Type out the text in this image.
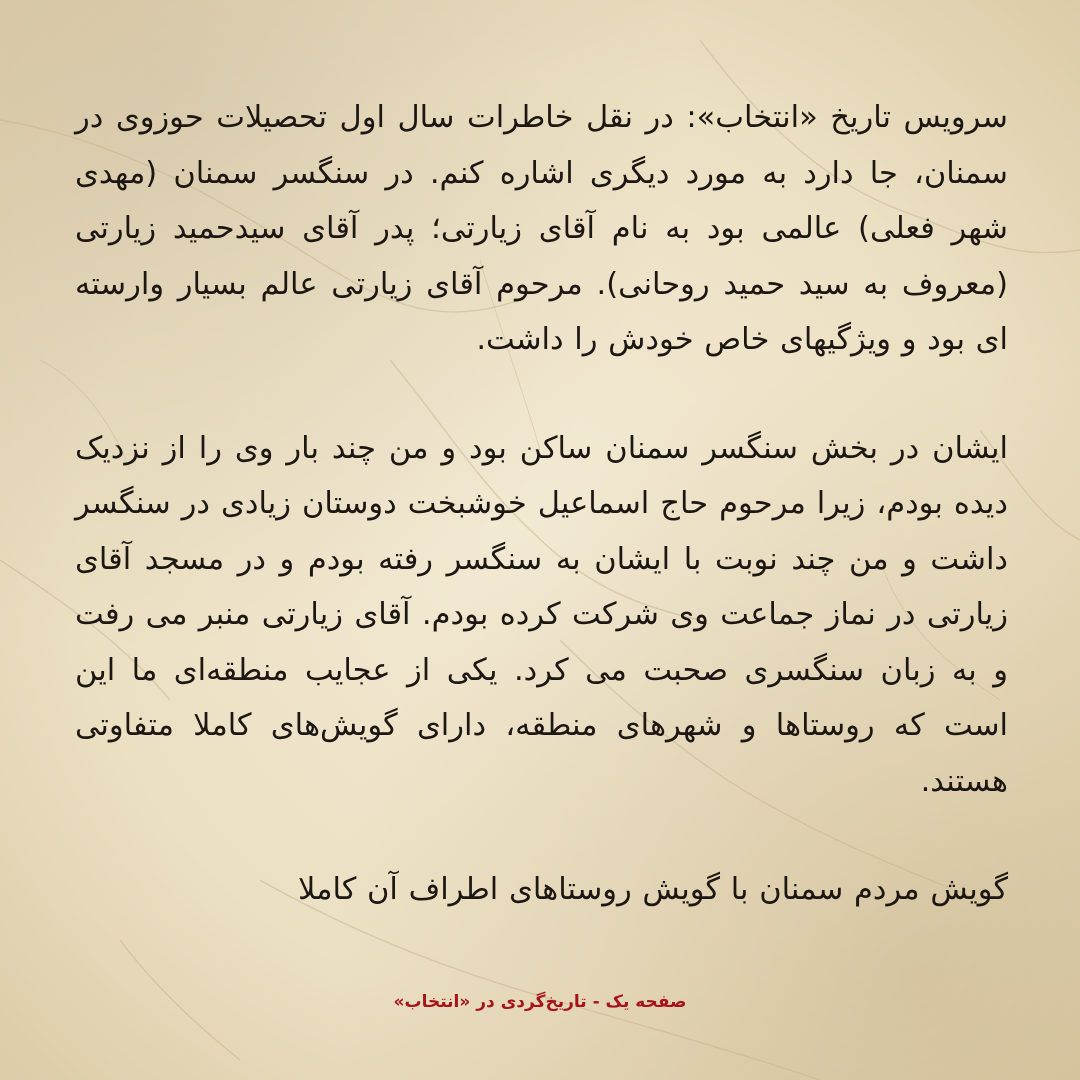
سرویس تاریخ «انتخاب»: در نقل خاطرات سال اول تحصیلات حوزوی در سمنان، جا دارد به مورد دیگری اشاره کنم. در سنگسر سمنان (مهدی شهر فعلی) عالمی بود به نام آقای زیارتی؛ پدر آقای سیدحمید زیارتی (معروف به سید حمید روحانی). مرحوم آقای زیارتی عالم بسیار وارسته ای بود و ویژگیهای خاص خودش را داشت.

ایشان در بخش سنگسر سمنان ساکن بود و من چند بار وی را از نزدیک دیده بودم، زیرا مرحوم حاج اسماعیل خوشبخت دوستان زیادی در سنگسر داشت و من چند نوبت با ایشان به سنگسر رفته بودم و در مسجد آقای زیارتی در نماز جماعت وی شرکت کرده بودم. آقای زیارتی منبر می رفت و به زبان سنگسری صحبت می کرد. یکی از عجایب منطقه‌ای ما این است که روستاها و شهرهای منطقه، دارای گویش‌های کاملا متفاوتی هستند.

گویش مردم سمنان با گویش روستاهای اطراف آن کاملا

صفحه یک - تاریخ‌گردی در «انتخاب»
